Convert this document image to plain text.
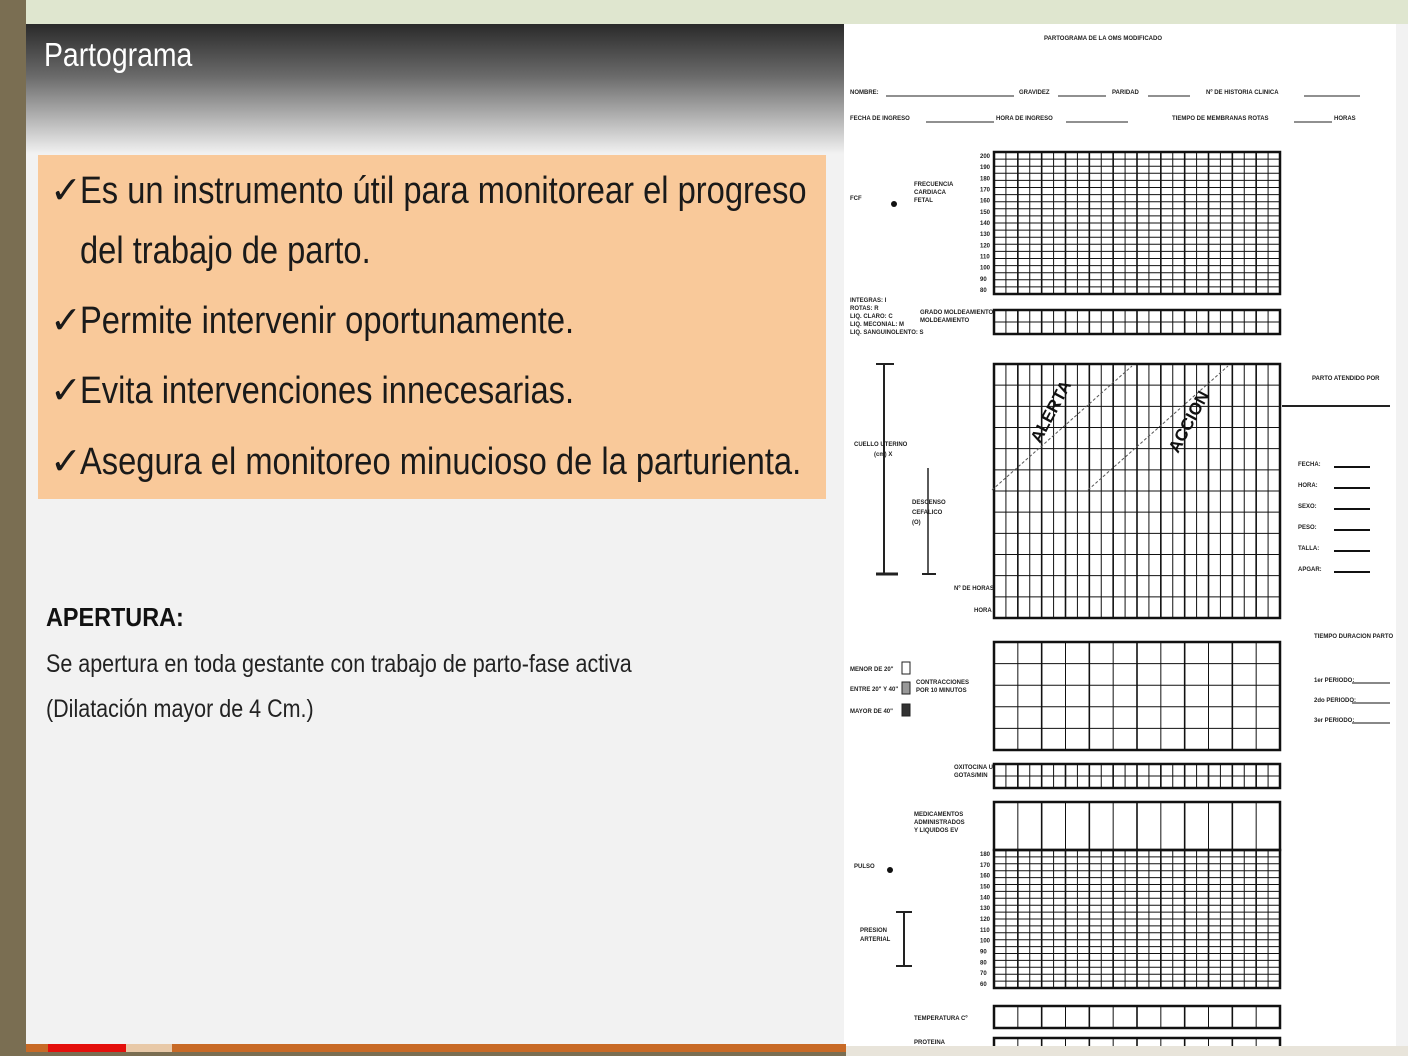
Partograma
✓
Es un instrumento útil para monitorear el progreso
del trabajo de parto.
✓
Permite intervenir oportunamente.
✓
Evita intervenciones innecesarias.
✓
Asegura el monitoreo minucioso de la parturienta.
APERTURA:
Se apertura en toda gestante con trabajo de parto-fase activa
(Dilatación mayor de 4 Cm.)
PARTOGRAMA DE LA OMS MODIFICADO
NOMBRE:	GRAVIDEZ	PARIDAD	Nº DE HISTORIA CLINICA
FECHA DE INGRESO	HORA DE INGRESO	TIEMPO DE MEMBRANAS ROTAS	HORAS
FCF
FRECUENCIA
CARDIACA
FETAL
200
190
180
170
160
150
140
130
120
110
100
90
80
INTEGRAS: I
ROTAS: R
LIQ. CLARO: C
LIQ. MECONIAL: M
LIQ. SANGUINOLENTO: S
GRADO MOLDEAMIENTO
MOLDEAMIENTO
CUELLO UTERINO
(cm) X
DESCENSO
CEFALICO
(O)
ALERTA	ACCION
Nº DE HORAS
HORA
PARTO ATENDIDO POR
FECHA:
HORA:
SEXO:
PESO:
TALLA:
APGAR:
TIEMPO DURACION PARTO
1er PERIODO:
2do PERIODO:
3er PERIODO:
MENOR DE 20"
ENTRE 20" Y 40"
MAYOR DE 40"
CONTRACCIONES
POR 10 MINUTOS
OXITOCINA U
GOTAS/MIN
MEDICAMENTOS
ADMINISTRADOS
Y LIQUIDOS EV
PULSO
PRESION
ARTERIAL
180
170
160
150
140
130
120
110
100
90
80
70
60
TEMPERATURA Cº
PROTEINA
